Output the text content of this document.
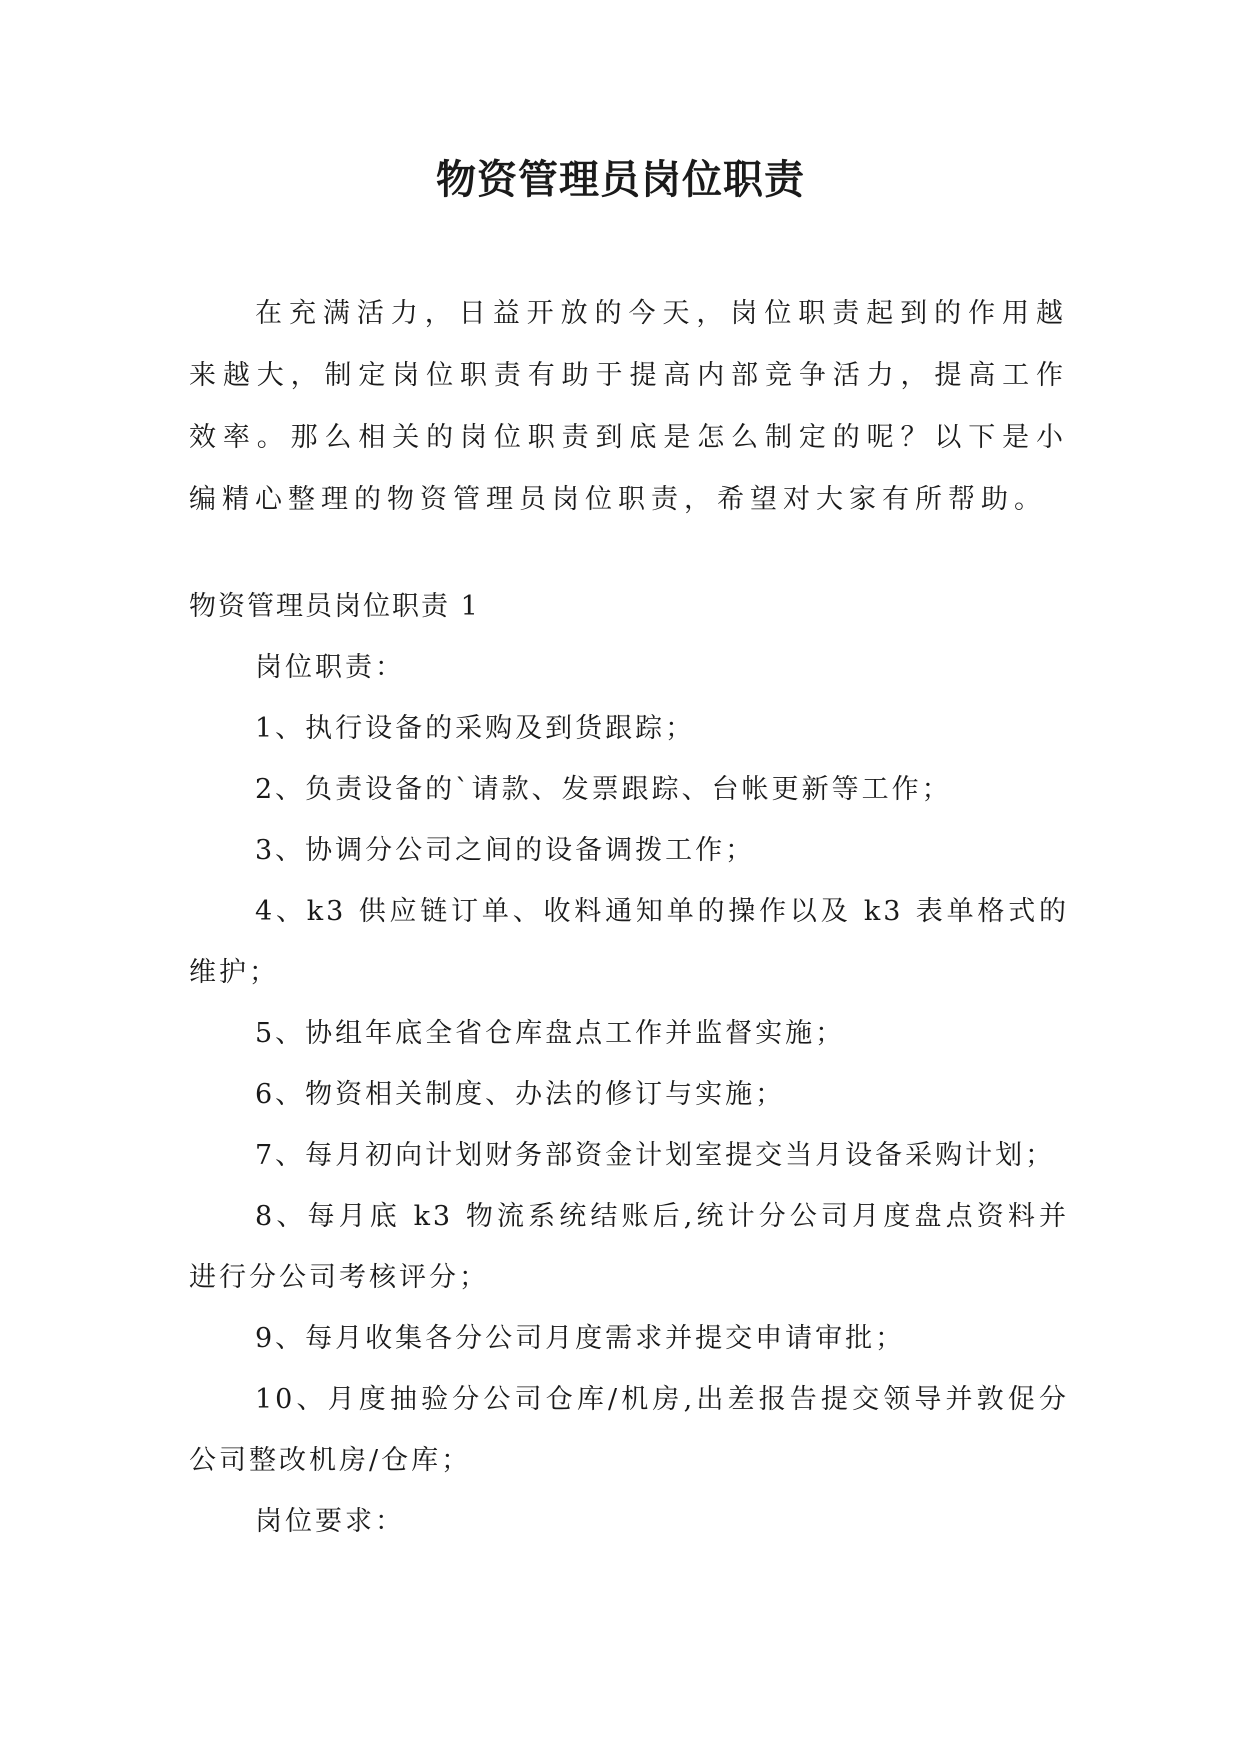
物资管理员岗位职责

在充满活力，日益开放的今天，岗位职责起到的作用越来越大，制定岗位职责有助于提高内部竞争活力，提高工作效率。那么相关的岗位职责到底是怎么制定的呢？以下是小编精心整理的物资管理员岗位职责，希望对大家有所帮助。

物资管理员岗位职责 1

岗位职责：

1、执行设备的采购及到货跟踪；

2、负责设备的`请款、发票跟踪、台帐更新等工作；

3、协调分公司之间的设备调拨工作；

4、k3 供应链订单、收料通知单的操作以及 k3 表单格式的维护；

5、协组年底全省仓库盘点工作并监督实施；

6、物资相关制度、办法的修订与实施；

7、每月初向计划财务部资金计划室提交当月设备采购计划；

8、每月底 k3 物流系统结账后,统计分公司月度盘点资料并进行分公司考核评分；

9、每月收集各分公司月度需求并提交申请审批；

10、月度抽验分公司仓库/机房,出差报告提交领导并敦促分公司整改机房/仓库；

岗位要求：
